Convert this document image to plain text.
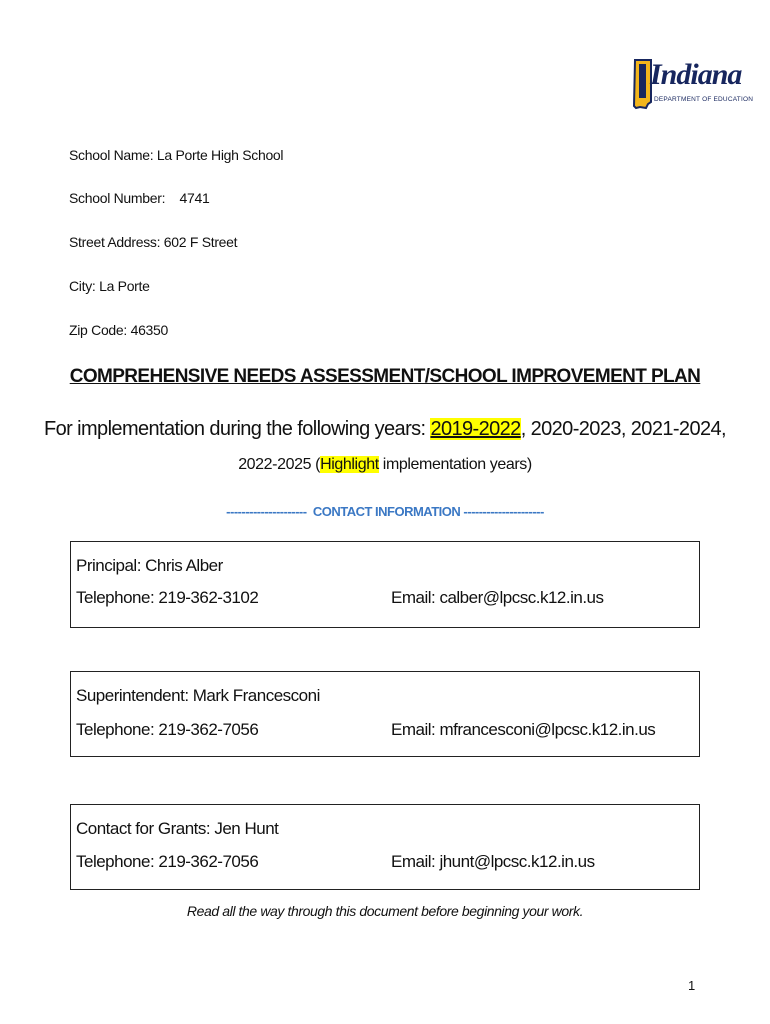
Indiana
DEPARTMENT OF EDUCATION
School Name: La Porte High School
School Number: 4741
Street Address: 602 F Street
City: La Porte
Zip Code: 46350
COMPREHENSIVE NEEDS ASSESSMENT/SCHOOL IMPROVEMENT PLAN
For implementation during the following years: 2019-2022, 2020-2023, 2021-2024,
2022-2025 (Highlight implementation years)
--------------------- CONTACT INFORMATION ---------------------
Principal: Chris Alber
Telephone: 219-362-3102	Email: calber@lpcsc.k12.in.us
Superintendent: Mark Francesconi
Telephone: 219-362-7056	Email: mfrancesconi@lpcsc.k12.in.us
Contact for Grants: Jen Hunt
Telephone: 219-362-7056	Email: jhunt@lpcsc.k12.in.us
Read all the way through this document before beginning your work.
1
